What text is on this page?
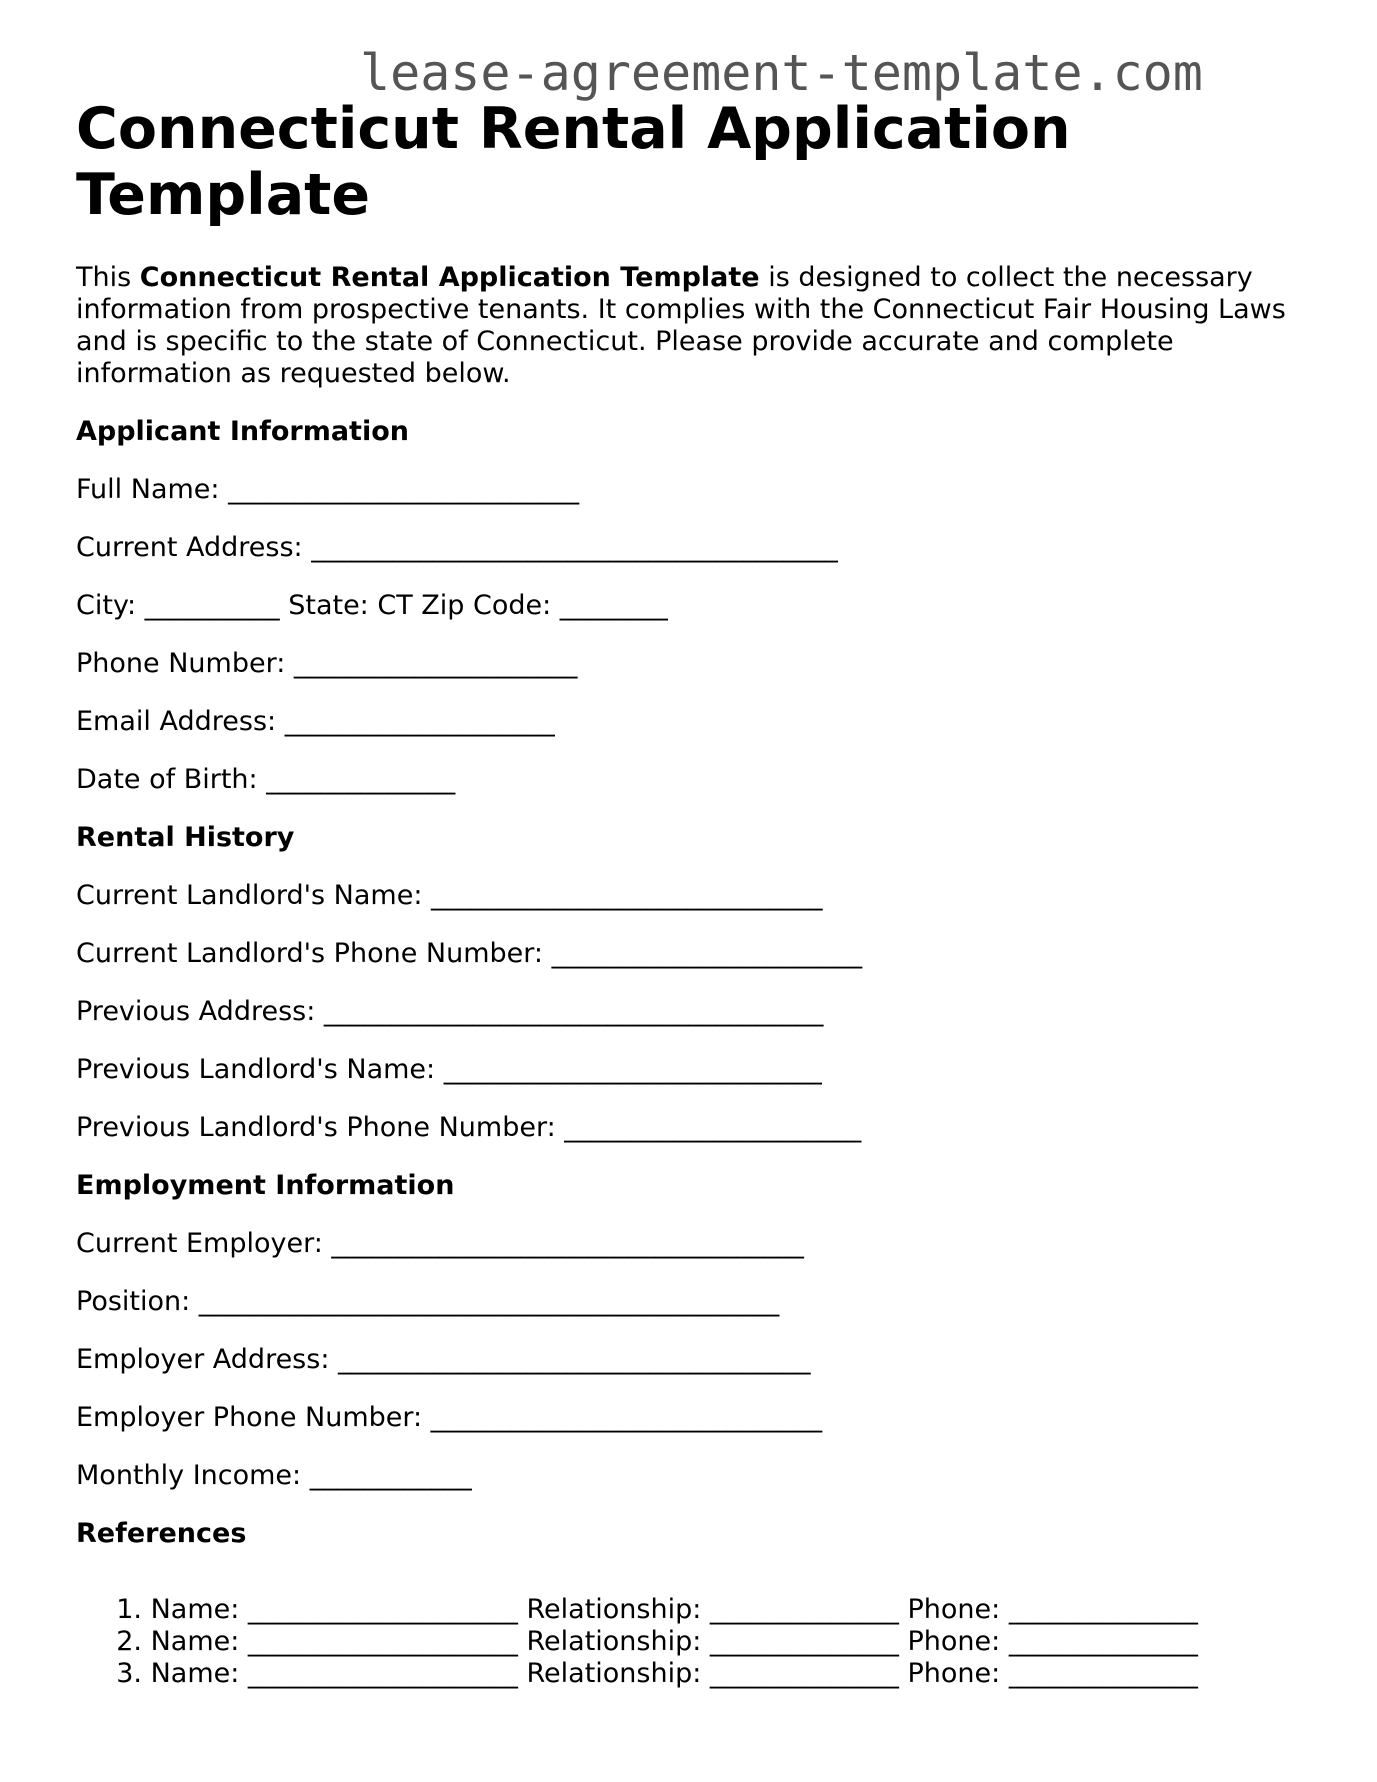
lease-agreement-template.com
Connecticut Rental Application Template

This Connecticut Rental Application Template is designed to collect the necessary information from prospective tenants. It complies with the Connecticut Fair Housing Laws and is specific to the state of Connecticut. Please provide accurate and complete information as requested below.

Applicant Information
Full Name: __________________________
Current Address: _______________________________________
City: __________ State: CT Zip Code: ________
Phone Number: _____________________
Email Address: ____________________
Date of Birth: ______________
Rental History
Current Landlord's Name: _____________________________
Current Landlord's Phone Number: _______________________
Previous Address: _____________________________________
Previous Landlord's Name: ____________________________
Previous Landlord's Phone Number: ______________________
Employment Information
Current Employer: ___________________________________
Position: ___________________________________________
Employer Address: ___________________________________
Employer Phone Number: _____________________________
Monthly Income: ____________
References
1. Name: ____________________ Relationship: ______________ Phone: ______________
2. Name: ____________________ Relationship: ______________ Phone: ______________
3. Name: ____________________ Relationship: ______________ Phone: ______________
